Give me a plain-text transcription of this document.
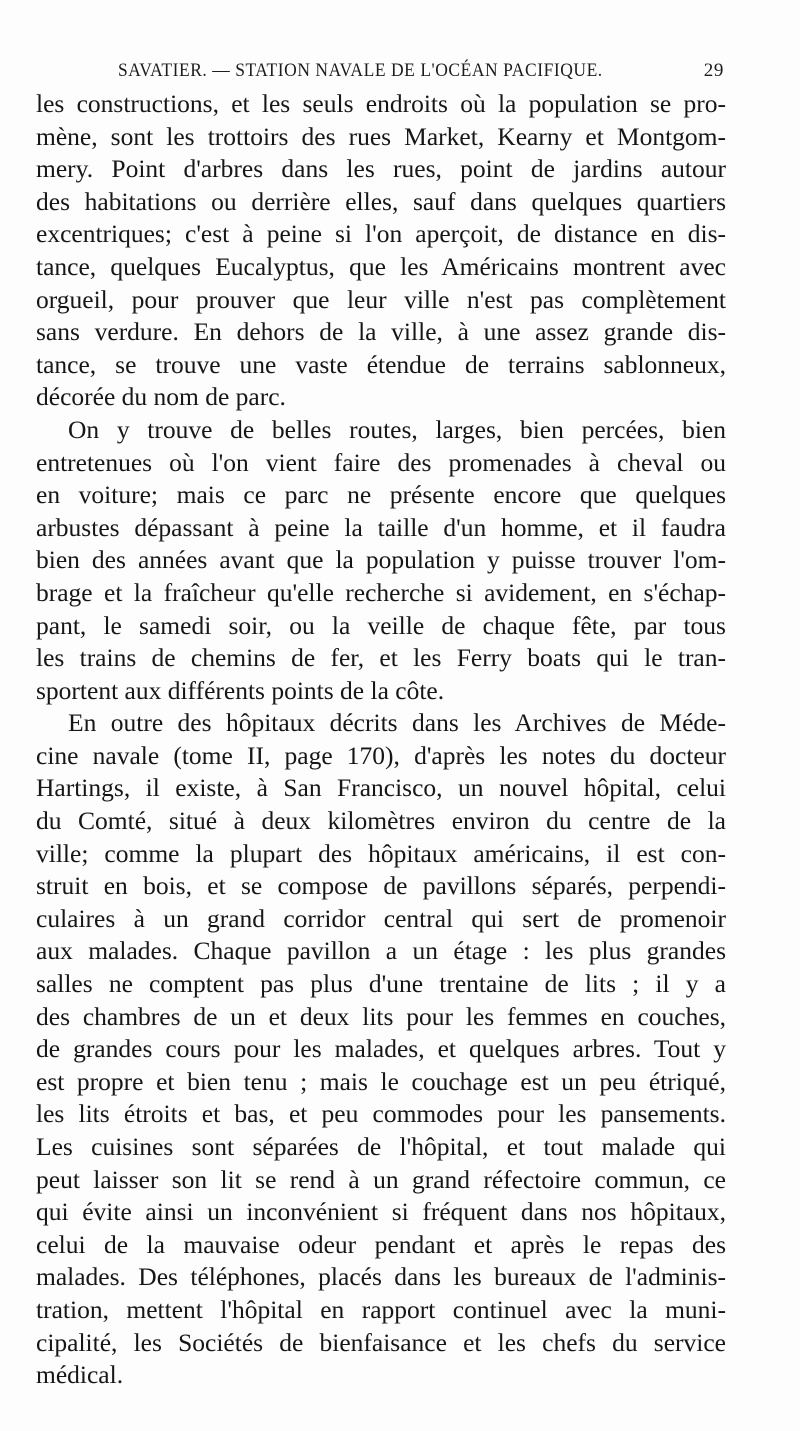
SAVATIER. — STATION NAVALE DE L'OCÉAN PACIFIQUE.	29
les constructions, et les seuls endroits où la population se pro-
mène, sont les trottoirs des rues Market, Kearny et Montgom-
mery. Point d'arbres dans les rues, point de jardins autour
des habitations ou derrière elles, sauf dans quelques quartiers
excentriques; c'est à peine si l'on aperçoit, de distance en dis-
tance, quelques Eucalyptus, que les Américains montrent avec
orgueil, pour prouver que leur ville n'est pas complètement
sans verdure. En dehors de la ville, à une assez grande dis-
tance, se trouve une vaste étendue de terrains sablonneux,
décorée du nom de parc.
On y trouve de belles routes, larges, bien percées, bien
entretenues où l'on vient faire des promenades à cheval ou
en voiture; mais ce parc ne présente encore que quelques
arbustes dépassant à peine la taille d'un homme, et il faudra
bien des années avant que la population y puisse trouver l'om-
brage et la fraîcheur qu'elle recherche si avidement, en s'échap-
pant, le samedi soir, ou la veille de chaque fête, par tous
les trains de chemins de fer, et les Ferry boats qui le tran-
sportent aux différents points de la côte.
En outre des hôpitaux décrits dans les Archives de Méde-
cine navale (tome II, page 170), d'après les notes du docteur
Hartings, il existe, à San Francisco, un nouvel hôpital, celui
du Comté, situé à deux kilomètres environ du centre de la
ville; comme la plupart des hôpitaux américains, il est con-
struit en bois, et se compose de pavillons séparés, perpendi-
culaires à un grand corridor central qui sert de promenoir
aux malades. Chaque pavillon a un étage : les plus grandes
salles ne comptent pas plus d'une trentaine de lits ; il y a
des chambres de un et deux lits pour les femmes en couches,
de grandes cours pour les malades, et quelques arbres. Tout y
est propre et bien tenu ; mais le couchage est un peu étriqué,
les lits étroits et bas, et peu commodes pour les pansements.
Les cuisines sont séparées de l'hôpital, et tout malade qui
peut laisser son lit se rend à un grand réfectoire commun, ce
qui évite ainsi un inconvénient si fréquent dans nos hôpitaux,
celui de la mauvaise odeur pendant et après le repas des
malades. Des téléphones, placés dans les bureaux de l'adminis-
tration, mettent l'hôpital en rapport continuel avec la muni-
cipalité, les Sociétés de bienfaisance et les chefs du service
médical.
